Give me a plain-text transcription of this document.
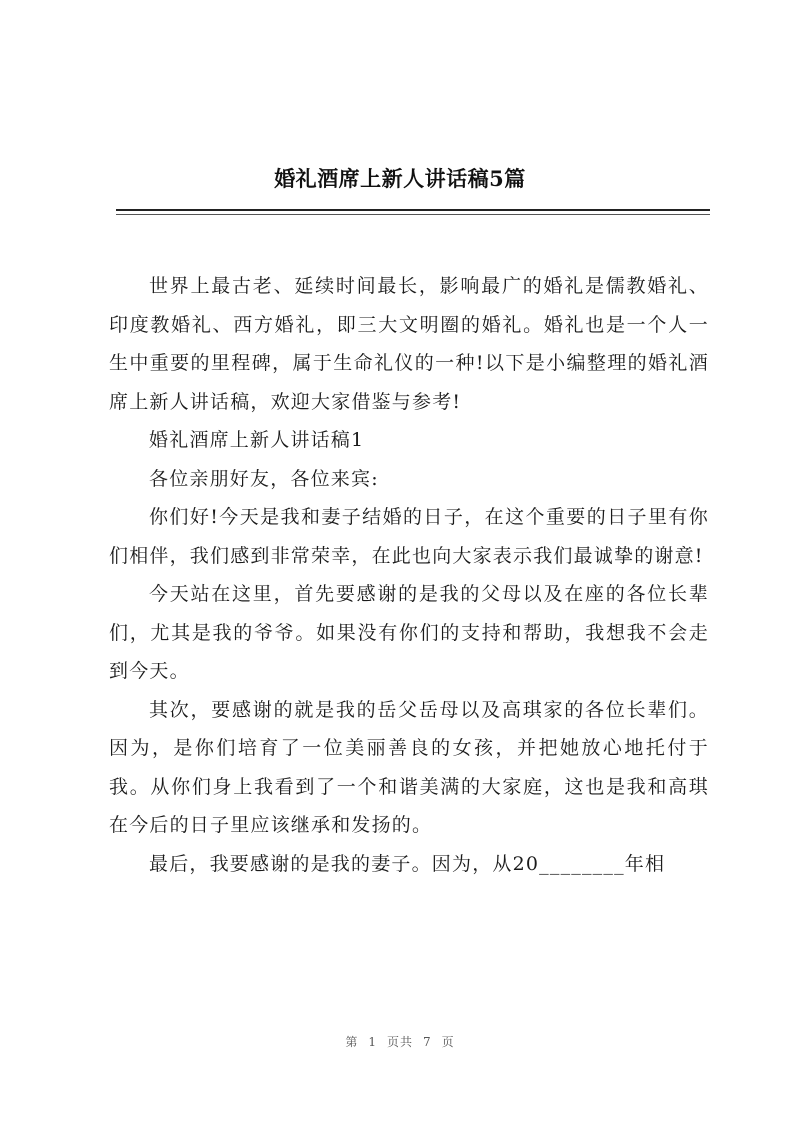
婚礼酒席上新人讲话稿5篇

世界上最古老、延续时间最长，影响最广的婚礼是儒教婚礼、印度教婚礼、西方婚礼，即三大文明圈的婚礼。婚礼也是一个人一生中重要的里程碑，属于生命礼仪的一种!以下是小编整理的婚礼酒席上新人讲话稿，欢迎大家借鉴与参考!

婚礼酒席上新人讲话稿1

各位亲朋好友，各位来宾:

你们好!今天是我和妻子结婚的日子，在这个重要的日子里有你们相伴，我们感到非常荣幸，在此也向大家表示我们最诚挚的谢意!

今天站在这里，首先要感谢的是我的父母以及在座的各位长辈们，尤其是我的爷爷。如果没有你们的支持和帮助，我想我不会走到今天。

其次，要感谢的就是我的岳父岳母以及高琪家的各位长辈们。因为，是你们培育了一位美丽善良的女孩，并把她放心地托付于我。从你们身上我看到了一个和谐美满的大家庭，这也是我和高琪在今后的日子里应该继承和发扬的。

最后，我要感谢的是我的妻子。因为，从20________年相

第 1 页共 7 页
